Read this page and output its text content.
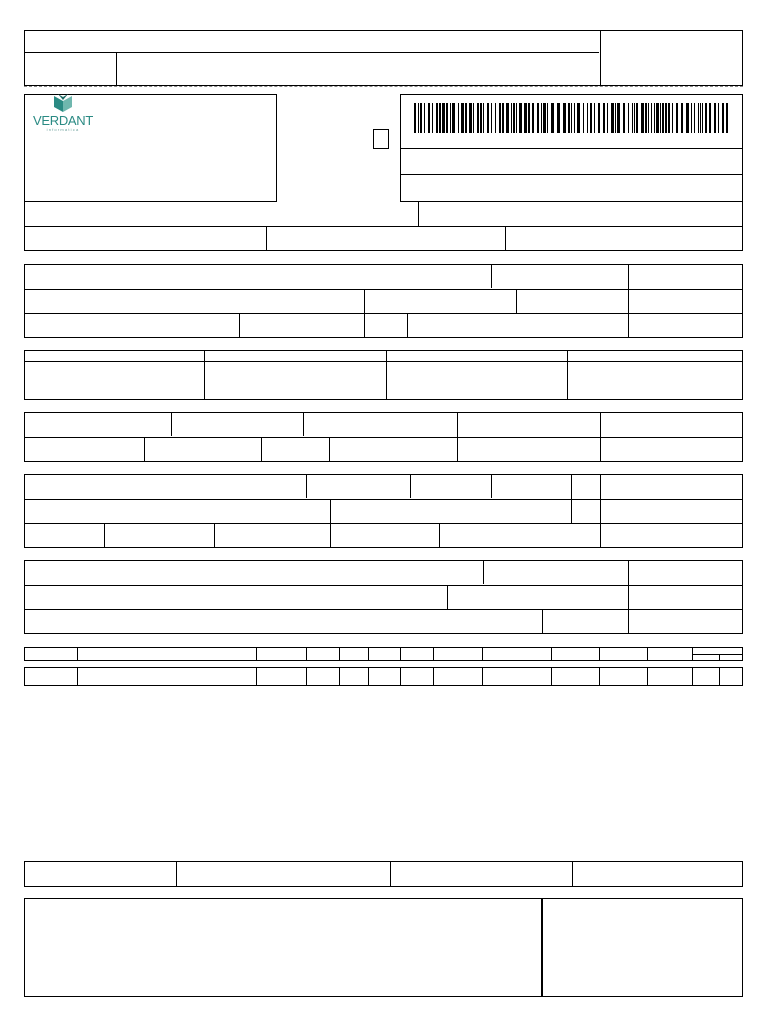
VERDANT
informatica
